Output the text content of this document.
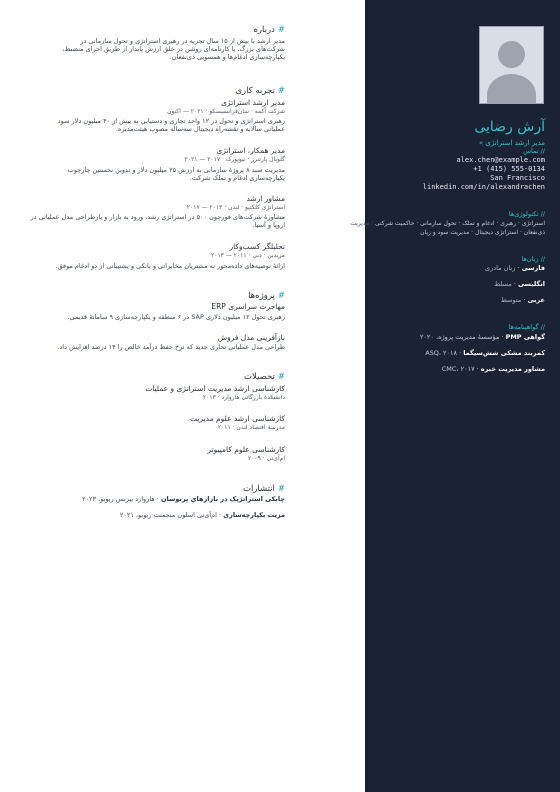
آرش رضایی
مدیر ارشد استراتژی »
// تماس
alex.chen@example.com
+1 (415) 555-0134
San Francisco
linkedin.com/in/alexandrachen
// تکنولوژی‌ها
استراتژی · رهبری · ادغام و تملک · تحول سازمانی · حاکمیت شرکتی · مدیریت
ذی‌نفعان · استراتژی دیجیتال · مدیریت سود و زیان
// زبان‌ها
فارسی · زبان مادری
انگلیسی · مسلط
عربی · متوسط
// گواهینامه‌ها
گواهی PMP · مؤسسهٔ مدیریت پروژه، ۲۰۲۰
کمربند مشکی شش‌سیگما · ASQ، ۲۰۱۸
مشاور مدیریت خبره · CMC، ۲۰۱۷
#درباره
مدیر ارشد با بیش از ۱۵ سال تجربه در رهبری استراتژی و تحول سازمانی در
شرکت‌های بزرگ، با کارنامه‌ای روشن در خلق ارزش پایدار از طریق اجرای منضبط،
یکپارچه‌سازی ادغام‌ها و همسویی ذی‌نفعان.
#تجربه کاری
مدیر ارشد استراتژی
شرکت آکمه · سان‌فرانسیسکو · ۲۰۲۱ — اکنون
رهبری استراتژی و تحول در ۱۲ واحد تجاری و دستیابی به بیش از ۴۰ میلیون دلار سود
عملیاتی سالانه و نقشه‌راه دیجیتال سه‌ساله مصوب هیئت‌مدیره.
مدیر همکار، استراتژی
گلوبال پارتنرز · نیویورک · ۲۰۱۷ — ۲۰۲۱
مدیریت سبد ۸ پروژهٔ سازمانی به ارزش ۲۵ میلیون دلار و تدوین نخستین چارچوب
یکپارچه‌سازی ادغام و تملک شرکت.
مشاور ارشد
استراتژی کلکتیو · لندن · ۲۰۱۳ — ۲۰۱۷
مشاورهٔ شرکت‌های فورچون ۵۰۰ در استراتژی رشد، ورود به بازار و بازطراحی مدل عملیاتی در
اروپا و آسیا.
تحلیلگر کسب‌وکار
مریدین · دبی · ۲۰۱۱ — ۲۰۱۳
ارائهٔ توصیه‌های داده‌محور به مشتریان مخابراتی و بانکی و پشتیبانی از دو ادغام موفق.
#پروژه‌ها
مهاجرت سراسری ERP
رهبری تحول ۱۲ میلیون دلاری SAP در ۶ منطقه و یکپارچه‌سازی ۹ سامانهٔ قدیمی.
بازآفرینی مدل فروش
طراحی مدل عملیاتی تجاری جدید که نرخ حفظ درآمد خالص را ۱۴ درصد افزایش داد.
#تحصیلات
کارشناسی ارشد مدیریت استراتژی و عملیات
دانشکدهٔ بازرگانی هاروارد · ۲۰۱۳
کارشناسی ارشد علوم مدیریت
مدرسهٔ اقتصاد لندن · ۲۰۱۱
کارشناسی علوم کامپیوتر
ام‌آی‌تی · ۲۰۰۹
#انتشارات
چابکی استراتژیک در بازارهای پرنوسان · هاروارد بیزنس ریویو، ۲۰۲۳
مزیت یکپارچه‌سازی · ام‌آی‌تی اسلون منجمنت ریویو، ۲۰۲۱
